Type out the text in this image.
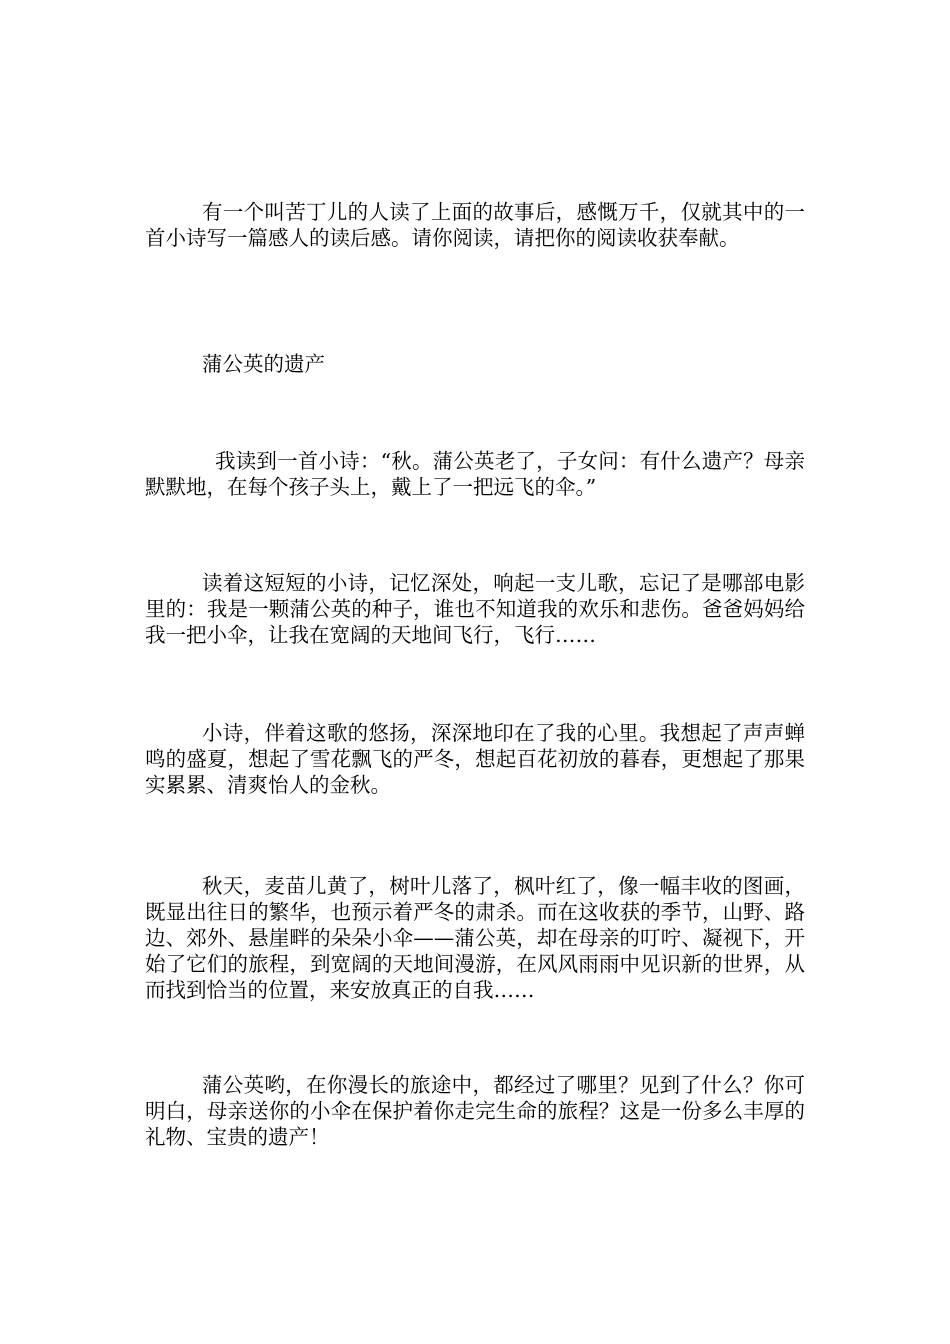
有一个叫苦丁儿的人读了上面的故事后，感慨万千，仅就其中的一首小诗写一篇感人的读后感。请你阅读，请把你的阅读收获奉献。

蒲公英的遗产

我读到一首小诗：“秋。蒲公英老了，子女问：有什么遗产？母亲默默地，在每个孩子头上，戴上了一把远飞的伞。”

读着这短短的小诗，记忆深处，响起一支儿歌，忘记了是哪部电影里的：我是一颗蒲公英的种子，谁也不知道我的欢乐和悲伤。爸爸妈妈给我一把小伞，让我在宽阔的天地间飞行，飞行……

小诗，伴着这歌的悠扬，深深地印在了我的心里。我想起了声声蝉鸣的盛夏，想起了雪花飘飞的严冬，想起百花初放的暮春，更想起了那果实累累、清爽怡人的金秋。

秋天，麦苗儿黄了，树叶儿落了，枫叶红了，像一幅丰收的图画，既显出往日的繁华，也预示着严冬的肃杀。而在这收获的季节，山野、路边、郊外、悬崖畔的朵朵小伞——蒲公英，却在母亲的叮咛、凝视下，开始了它们的旅程，到宽阔的天地间漫游，在风风雨雨中见识新的世界，从而找到恰当的位置，来安放真正的自我……

蒲公英哟，在你漫长的旅途中，都经过了哪里？见到了什么？你可明白，母亲送你的小伞在保护着你走完生命的旅程？这是一份多么丰厚的礼物、宝贵的遗产！
